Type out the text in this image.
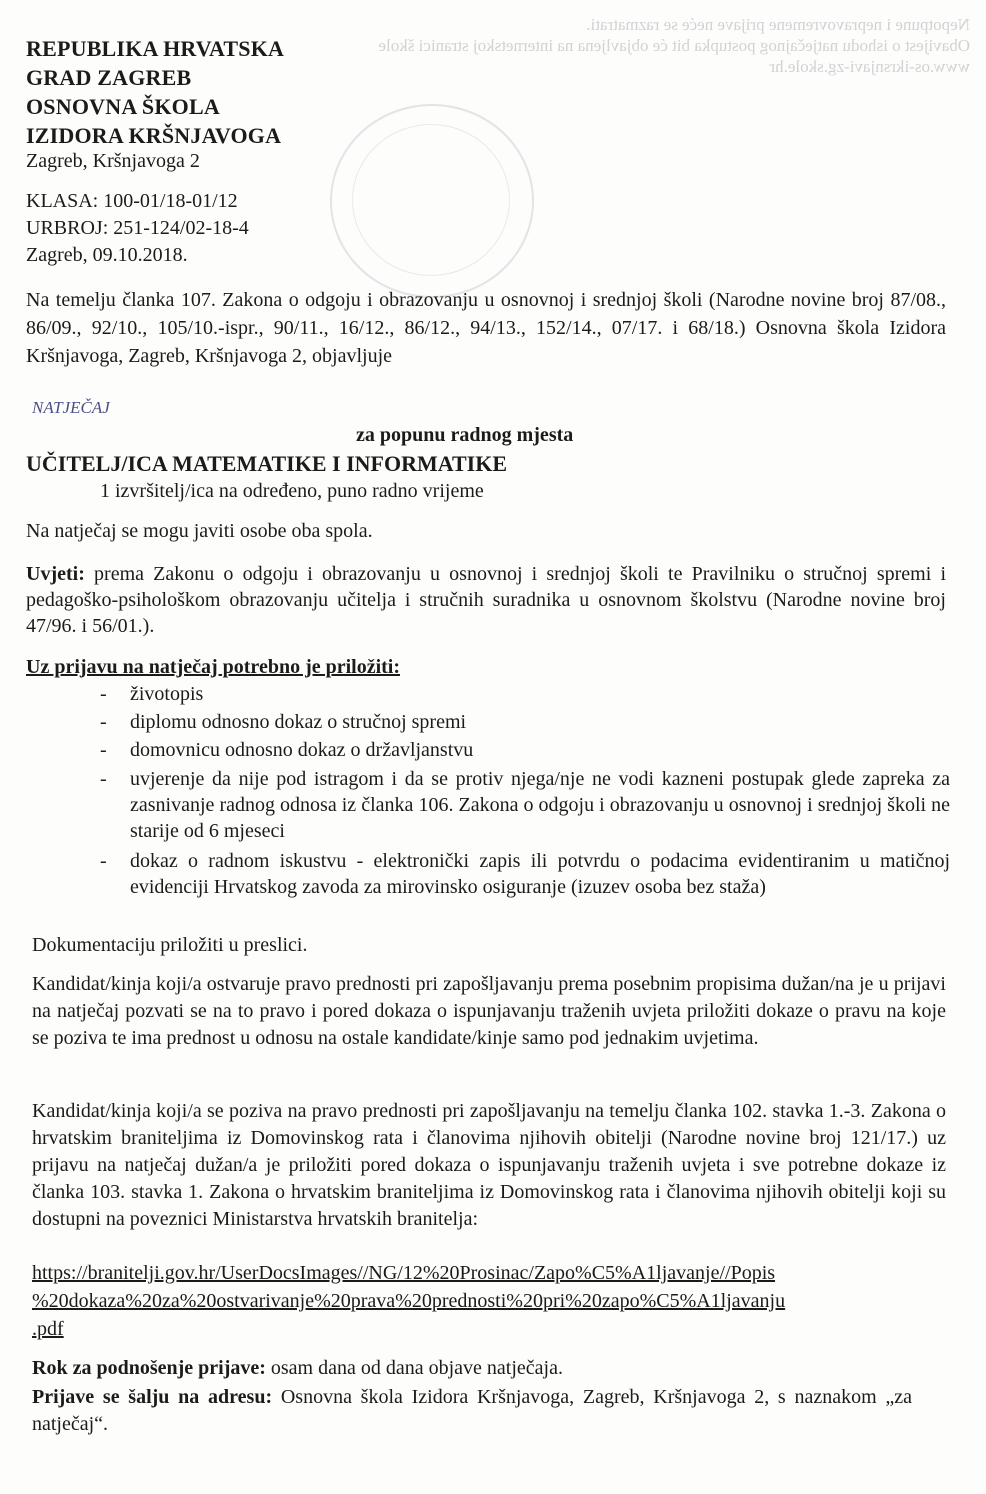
Nepotpune i nepravovremene prijave neće se razmatrati.
Obavijest o ishodu natječajnog postupka bit će objavljena na internetskoj stranici škole
www.os-ikrsnjavi-zg.skole.hr
REPUBLIKA HRVATSKA
GRAD ZAGREB
OSNOVNA ŠKOLA
IZIDORA KRŠNJAVOGA
Zagreb, Kršnjavoga 2
KLASA: 100-01/18-01/12
URBROJ: 251-124/02-18-4
Zagreb, 09.10.2018.
Na temelju članka 107. Zakona o odgoju i obrazovanju u osnovnoj i srednjoj školi (Narodne novine broj 87/08., 86/09., 92/10., 105/10.-ispr., 90/11., 16/12., 86/12., 94/13., 152/14., 07/17. i 68/18.) Osnovna škola Izidora Kršnjavoga, Zagreb, Kršnjavoga 2, objavljuje
NATJEČAJ
za popunu radnog mjesta
UČITELJ/ICA MATEMATIKE I INFORMATIKE
1 izvršitelj/ica na određeno, puno radno vrijeme
Na natječaj se mogu javiti osobe oba spola.
Uvjeti: prema Zakonu o odgoju i obrazovanju u osnovnoj i srednjoj školi te Pravilniku o stručnoj spremi i pedagoško-psihološkom obrazovanju učitelja i stručnih suradnika u osnovnom školstvu (Narodne novine broj 47/96. i 56/01.).
Uz prijavu na natječaj potrebno je priložiti:
- životopis
- diplomu odnosno dokaz o stručnoj spremi
- domovnicu odnosno dokaz o državljanstvu
- uvjerenje da nije pod istragom i da se protiv njega/nje ne vodi kazneni postupak glede zapreka za zasnivanje radnog odnosa iz članka 106. Zakona o odgoju i obrazovanju u osnovnoj i srednjoj školi ne starije od 6 mjeseci
- dokaz o radnom iskustvu - elektronički zapis ili potvrdu o podacima evidentiranim u matičnoj evidenciji Hrvatskog zavoda za mirovinsko osiguranje (izuzev osoba bez staža)
Dokumentaciju priložiti u preslici.
Kandidat/kinja koji/a ostvaruje pravo prednosti pri zapošljavanju prema posebnim propisima dužan/na je u prijavi na natječaj pozvati se na to pravo i pored dokaza o ispunjavanju traženih uvjeta priložiti dokaze o pravu na koje se poziva te ima prednost u odnosu na ostale kandidate/kinje samo pod jednakim uvjetima.
Kandidat/kinja koji/a se poziva na pravo prednosti pri zapošljavanju na temelju članka 102. stavka 1.-3. Zakona o hrvatskim braniteljima iz Domovinskog rata i članovima njihovih obitelji (Narodne novine broj 121/17.) uz prijavu na natječaj dužan/a je priložiti pored dokaza o ispunjavanju traženih uvjeta i sve potrebne dokaze iz članka 103. stavka 1. Zakona o hrvatskim braniteljima iz Domovinskog rata i članovima njihovih obitelji koji su dostupni na poveznici Ministarstva hrvatskih branitelja:
https://branitelji.gov.hr/UserDocsImages//NG/12%20Prosinac/Zapo%C5%A1ljavanje//Popis
%20dokaza%20za%20ostvarivanje%20prava%20prednosti%20pri%20zapo%C5%A1ljavanju
.pdf
Rok za podnošenje prijave: osam dana od dana objave natječaja.
Prijave se šalju na adresu: Osnovna škola Izidora Kršnjavoga, Zagreb, Kršnjavoga 2, s naznakom „za natječaj“.
